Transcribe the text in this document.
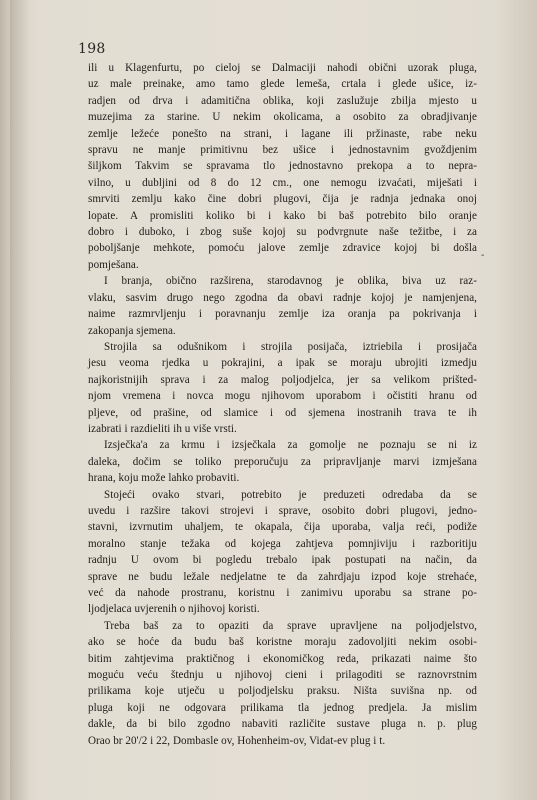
198
-
ili u Klagenfurtu, po cieloj se Dalmaciji nahodi obični uzorak pluga,
uz male preinake, amo tamo glede lemeša, crtala i glede ušice, iz-
radjen od drva i adamitičnа oblika, koji zaslužuje zbilja mjesto u
muzejima za starine. U nekim okolicama, a osobito za obradjivanje
zemlje ležeće ponešto na strani, i lagane ili pržinaste, rabe neku
spravu ne manje primitivnu bez ušice i jednostavnim gvoždjenim
šiljkom Takvim se spravama tlo jednostavno prekopa a to nepra-
vilno, u dubljini od 8 do 12 cm., one nemogu izvaćati, miješati i
smrviti zemlju kako čine dobri plugovi, čija je radnja jednaka onoj
lopate. A promisliti koliko bi i kako bi baš potrebito bilo oranje
dobro i duboko, i zbog suše kojoj su podvrgnute naše težitbe, i za
poboljšanje mehkote, pomoću jalove zemlje zdravice kojoj bi došla
pomješana.
I branja, obično razširena, starodavnog je oblika, biva uz raz-
vlaku, sasvim drugo nego zgodna da obavi radnje kojoj je namjenjena,
naime razmrvljenju i poravnanju zemlje iza oranja pa pokrivanja i
zakopanja sjemena.
Strojila sa odušnikom i strojila posijača, iztriebila i prosijača
jesu veoma rjedka u pokrajini, a ipak se moraju ubrojiti izmedju
najkoristnijih sprava i za malog poljodjelca, jer sa velikom prišted-
njom vremena i novca mogu njihovom uporabom i očistiti hranu od
pljeve, od prašine, od slamice i od sjemena inostranih trava te ih
izabrati i razdieliti ih u više vrsti.
Izsječka'a za krmu i izsječkala za gomolje ne poznaju se ni iz
daleka, dočim se toliko preporučuju za pripravljanje marvi izmješana
hrana, koju može lahko probaviti.
Stojeći ovako stvari, potrebito je preduzeti odredaba da se
uvedu i razšire takovi strojevi i sprave, osobito dobri plugovi, jedno-
stavni, izvrnutim uhaljem, te okapala, čija uporaba, valja reći, podiže
moralno stanje težaka od kojega zahtjeva pomnjiviju i razboritiju
radnju U ovom bi pogledu trebalo ipak postupati na način, da
sprave ne budu ležale nedjelatne te da zahrdjaju izpod koje strehaće,
već da nahode prostranu, koristnu i zanimivu uporabu sa strane po-
ljodjelaca uvjerenih o njihovoj koristi.
Treba baš za to opaziti da sprave upravljene na poljodjelstvo,
ako se hoće da budu baš koristne moraju zadovoljiti nekim osobi-
bitim zahtjevima praktičnog i ekonomičkog reda, prikazati naime što
moguću veću štednju u njihovoj cieni i prilagoditi se raznovrstnim
prilikama koje utječu u poljodjelsku praksu. Ništa suvišna np. od
pluga koji ne odgovara prilikama tla jednog predjela. Ja mislim
dakle, da bi bilo zgodno nabaviti različite sustave pluga n. p. plug
Orao br 20'/2 i 22, Dombasle ov, Hohenheim-ov, Vidat-ev plug i t.
